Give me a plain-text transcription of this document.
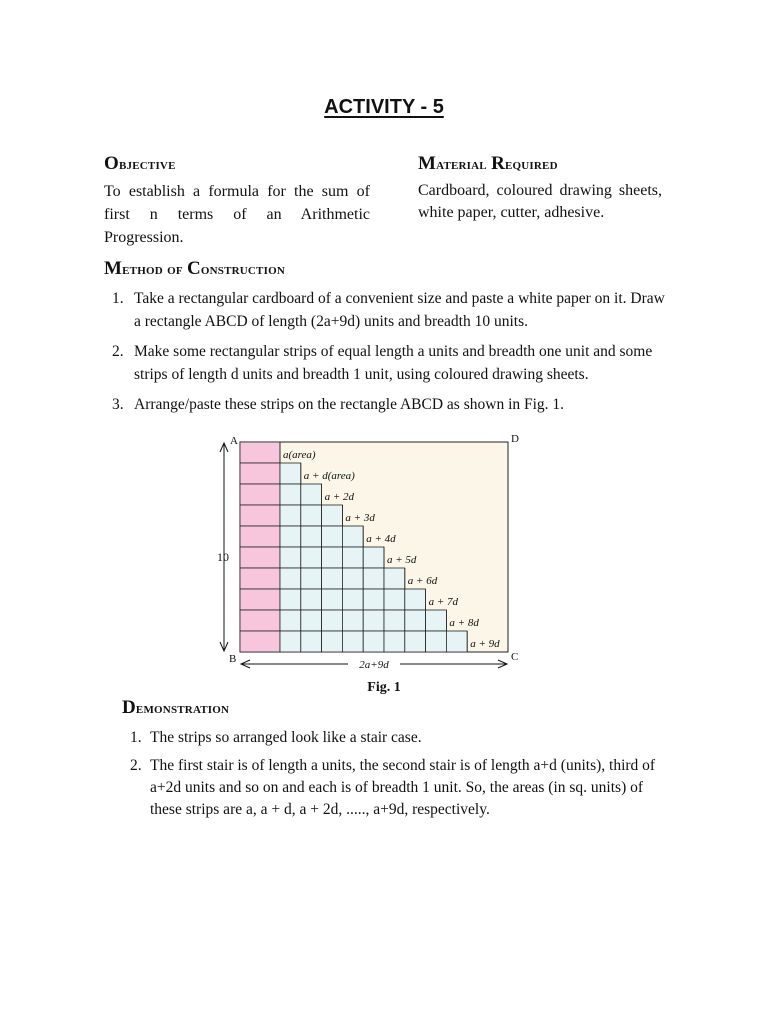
ACTIVITY - 5
Objective
To establish a formula for the sum of first n terms of an Arithmetic Progression.
Material Required
Cardboard, coloured drawing sheets, white paper, cutter, adhesive.
Method of Construction
1. Take a rectangular cardboard of a convenient size and paste a white paper on it. Draw a rectangle ABCD of length (2a+9d) units and breadth 10 units.
2. Make some rectangular strips of equal length a units and breadth one unit and some strips of length d units and breadth 1 unit, using coloured drawing sheets.
3. Arrange/paste these strips on the rectangle ABCD as shown in Fig. 1.
a(area)
a + d(area)
a + 2d
a + 3d
a + 4d
a + 5d
a + 6d
a + 7d
a + 8d
a + 9d
10
2a+9d
A
B	C
D
Fig. 1
Demonstration
1. The strips so arranged look like a stair case.
2. The first stair is of length a units, the second stair is of length a+d (units), third of a+2d units and so on and each is of breadth 1 unit. So, the areas (in sq. units) of these strips are a, a + d, a + 2d, ....., a+9d, respectively.
